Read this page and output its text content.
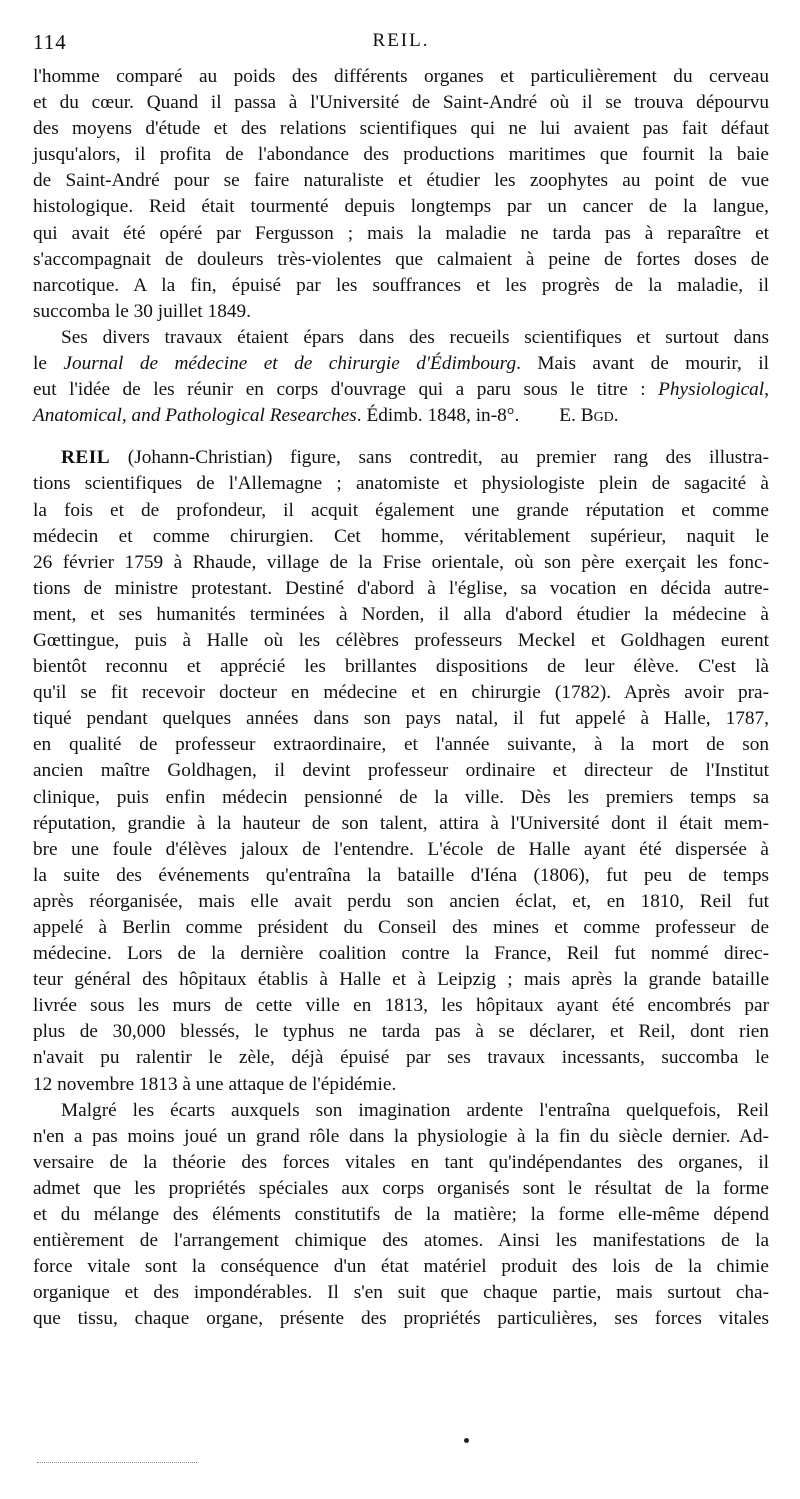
114	REIL.
l'homme comparé au poids des différents organes et particulièrement du cerveau
et du cœur. Quand il passa à l'Université de Saint-André où il se trouva dépourvu
des moyens d'étude et des relations scientifiques qui ne lui avaient pas fait défaut
jusqu'alors, il profita de l'abondance des productions maritimes que fournit la baie
de Saint-André pour se faire naturaliste et étudier les zoophytes au point de vue
histologique. Reid était tourmenté depuis longtemps par un cancer de la langue,
qui avait été opéré par Fergusson ; mais la maladie ne tarda pas à reparaître et
s'accompagnait de douleurs très-violentes que calmaient à peine de fortes doses de
narcotique. A la fin, épuisé par les souffrances et les progrès de la maladie, il
succomba le 30 juillet 1849.
Ses divers travaux étaient épars dans des recueils scientifiques et surtout dans
le Journal de médecine et de chirurgie d'Édimbourg. Mais avant de mourir, il
eut l'idée de les réunir en corps d'ouvrage qui a paru sous le titre : Physiological,
Anatomical, and Pathological Researches. Édimb. 1848, in-8°. E. Bgd.
REIL (Johann-Christian) figure, sans contredit, au premier rang des illustra-
tions scientifiques de l'Allemagne ; anatomiste et physiologiste plein de sagacité à
la fois et de profondeur, il acquit également une grande réputation et comme
médecin et comme chirurgien. Cet homme, véritablement supérieur, naquit le
26 février 1759 à Rhaude, village de la Frise orientale, où son père exerçait les fonc-
tions de ministre protestant. Destiné d'abord à l'église, sa vocation en décida autre-
ment, et ses humanités terminées à Norden, il alla d'abord étudier la médecine à
Gœttingue, puis à Halle où les célèbres professeurs Meckel et Goldhagen eurent
bientôt reconnu et apprécié les brillantes dispositions de leur élève. C'est là
qu'il se fit recevoir docteur en médecine et en chirurgie (1782). Après avoir pra-
tiqué pendant quelques années dans son pays natal, il fut appelé à Halle, 1787,
en qualité de professeur extraordinaire, et l'année suivante, à la mort de son
ancien maître Goldhagen, il devint professeur ordinaire et directeur de l'Institut
clinique, puis enfin médecin pensionné de la ville. Dès les premiers temps sa
réputation, grandie à la hauteur de son talent, attira à l'Université dont il était mem-
bre une foule d'élèves jaloux de l'entendre. L'école de Halle ayant été dispersée à
la suite des événements qu'entraîna la bataille d'Iéna (1806), fut peu de temps
après réorganisée, mais elle avait perdu son ancien éclat, et, en 1810, Reil fut
appelé à Berlin comme président du Conseil des mines et comme professeur de
médecine. Lors de la dernière coalition contre la France, Reil fut nommé direc-
teur général des hôpitaux établis à Halle et à Leipzig ; mais après la grande bataille
livrée sous les murs de cette ville en 1813, les hôpitaux ayant été encombrés par
plus de 30,000 blessés, le typhus ne tarda pas à se déclarer, et Reil, dont rien
n'avait pu ralentir le zèle, déjà épuisé par ses travaux incessants, succomba le
12 novembre 1813 à une attaque de l'épidémie.
Malgré les écarts auxquels son imagination ardente l'entraîna quelquefois, Reil
n'en a pas moins joué un grand rôle dans la physiologie à la fin du siècle dernier. Ad-
versaire de la théorie des forces vitales en tant qu'indépendantes des organes, il
admet que les propriétés spéciales aux corps organisés sont le résultat de la forme
et du mélange des éléments constitutifs de la matière; la forme elle-même dépend
entièrement de l'arrangement chimique des atomes. Ainsi les manifestations de la
force vitale sont la conséquence d'un état matériel produit des lois de la chimie
organique et des impondérables. Il s'en suit que chaque partie, mais surtout cha-
que tissu, chaque organe, présente des propriétés particulières, ses forces vitales
